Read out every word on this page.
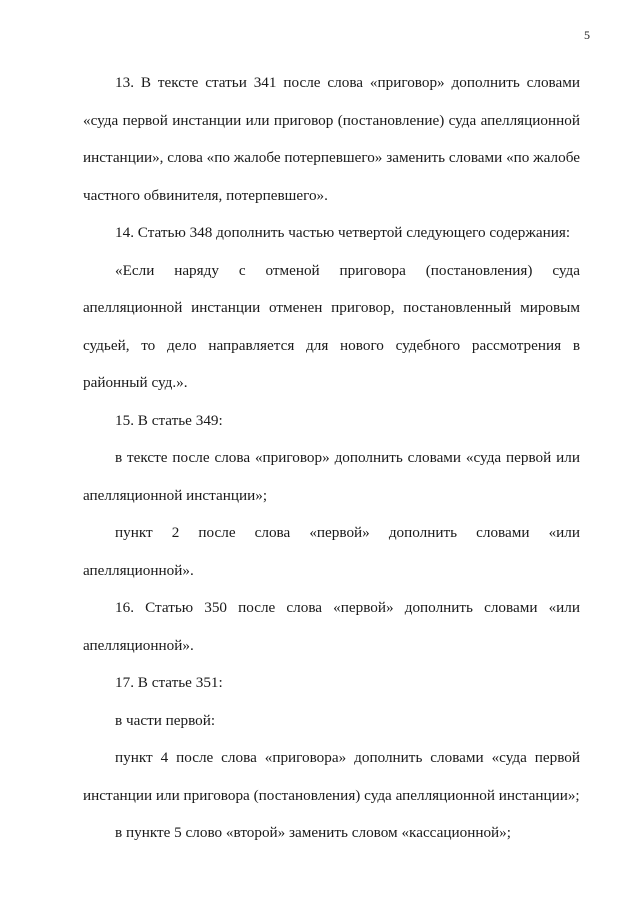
5

13. В тексте статьи 341 после слова «приговор» дополнить словами «суда первой инстанции или приговор (постановление) суда апелляционной инстанции», слова «по жалобе потерпевшего» заменить словами «по жалобе частного обвинителя, потерпевшего».

14. Статью 348 дополнить частью четвертой следующего содержания:

«Если наряду с отменой приговора (постановления) суда апелляционной инстанции отменен приговор, постановленный мировым судьей, то дело направляется для нового судебного рассмотрения в районный суд.».

15. В статье 349:

в тексте после слова «приговор» дополнить словами «суда первой или апелляционной инстанции»;

пункт 2 после слова «первой» дополнить словами «или апелляционной».

16. Статью 350 после слова «первой» дополнить словами «или апелляционной».

17. В статье 351:

в части первой:

пункт 4 после слова «приговора» дополнить словами «суда первой инстанции или приговора (постановления) суда апелляционной инстанции»;

в пункте 5 слово «второй» заменить словом «кассационной»;
